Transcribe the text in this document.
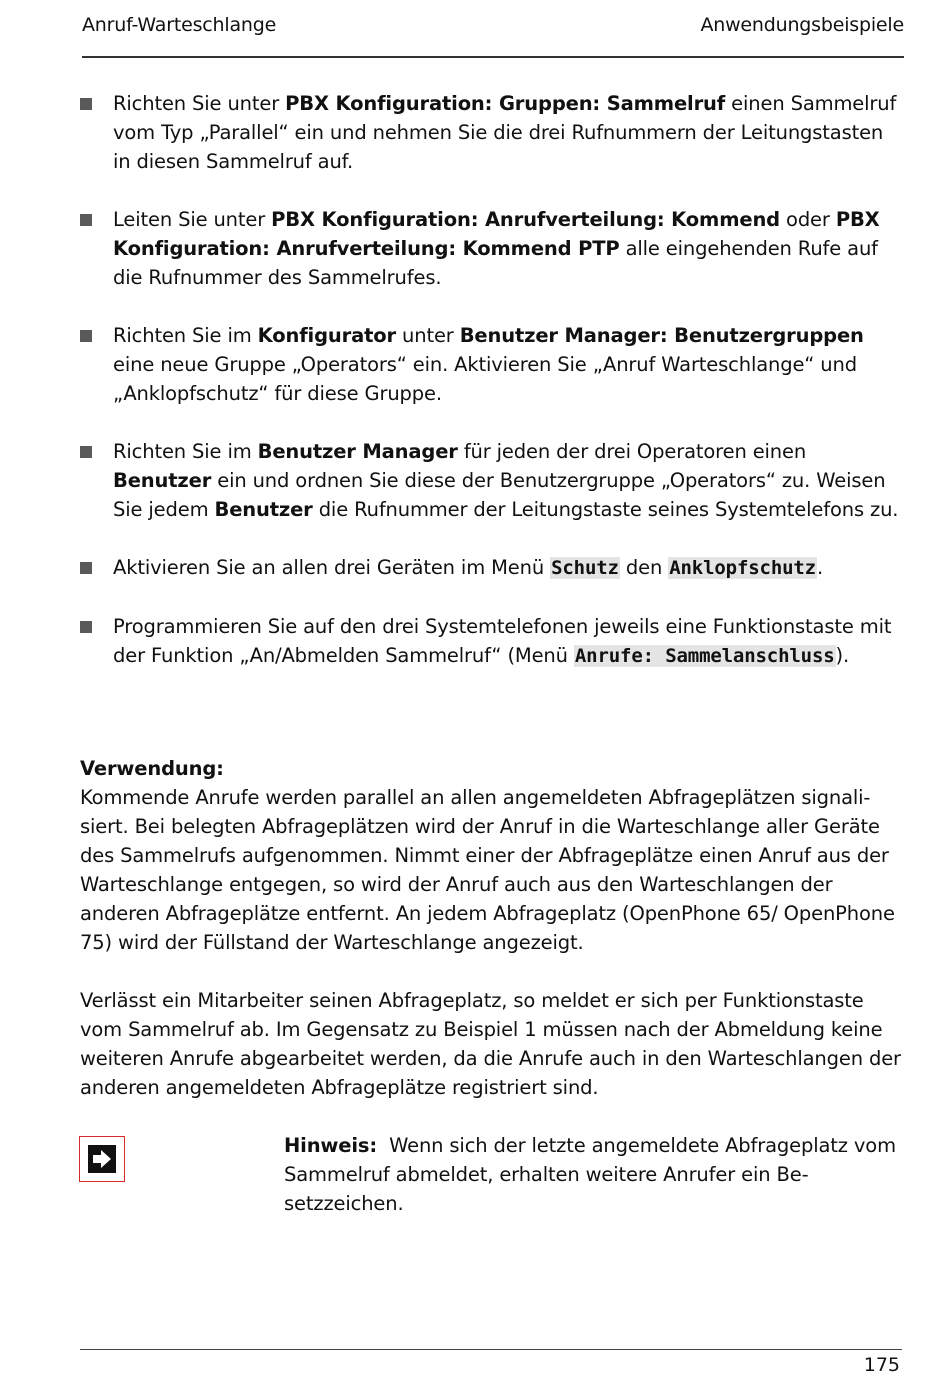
Anruf-Warteschlange	Anwendungsbeispiele
Richten Sie unter PBX Konfiguration: Gruppen: Sammelruf einen Sammelruf vom Typ „Parallel“ ein und nehmen Sie die drei Rufnummern der Leitungstasten in diesen Sammelruf auf.
Leiten Sie unter PBX Konfiguration: Anrufverteilung: Kommend oder PBX Konfiguration: Anrufverteilung: Kommend PTP alle eingehenden Rufe auf die Rufnummer des Sammelrufes.
Richten Sie im Konfigurator unter Benutzer Manager: Benutzergruppen eine neue Gruppe „Operators“ ein. Aktivieren Sie „Anruf Warteschlange“ und „Anklopfschutz“ für diese Gruppe.
Richten Sie im Benutzer Manager für jeden der drei Operatoren einen Benutzer ein und ordnen Sie diese der Benutzergruppe „Operators“ zu. Weisen Sie jedem Benutzer die Rufnummer der Leitungstaste seines Systemtelefons zu.
Aktivieren Sie an allen drei Geräten im Menü Schutz den Anklopfschutz.
Programmieren Sie auf den drei Systemtelefonen jeweils eine Funktionstaste mit der Funktion „An/Abmelden Sammelruf“ (Menü Anrufe: Sammelanschluss).
Verwendung:

Kommende Anrufe werden parallel an allen angemeldeten Abfrageplätzen signalisiert. Bei belegten Abfrageplätzen wird der Anruf in die Warteschlange aller Geräte des Sammelrufs aufgenommen. Nimmt einer der Abfrageplätze einen Anruf aus der Warteschlange entgegen, so wird der Anruf auch aus den Warteschlangen der anderen Abfrageplätze entfernt. An jedem Abfrageplatz (OpenPhone 65/ OpenPhone 75) wird der Füllstand der Warteschlange angezeigt.

Verlässt ein Mitarbeiter seinen Abfrageplatz, so meldet er sich per Funktionstaste vom Sammelruf ab. Im Gegensatz zu Beispiel 1 müssen nach der Abmeldung keine weiteren Anrufe abgearbeitet werden, da die Anrufe auch in den Warteschlangen der anderen angemeldeten Abfrageplätze registriert sind.

Hinweis: Wenn sich der letzte angemeldete Abfrageplatz vom Sammelruf abmeldet, erhalten weitere Anrufer ein Besetzzeichen.
175
